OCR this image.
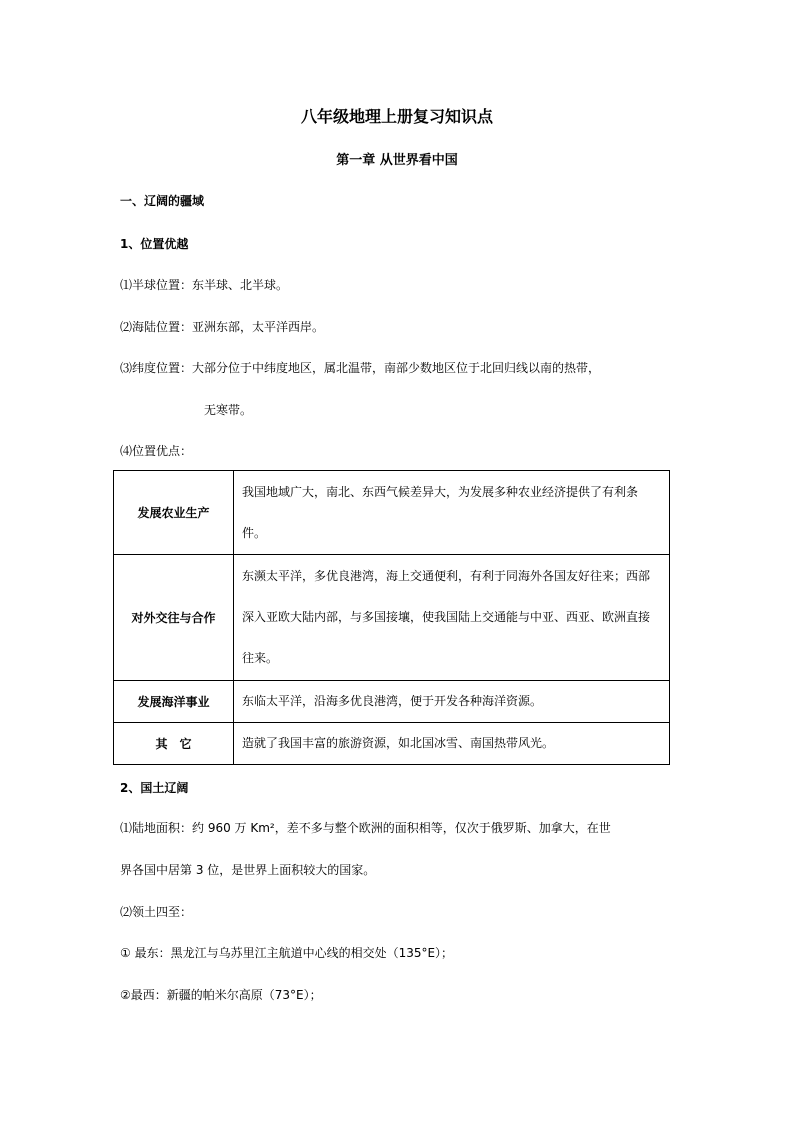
八年级地理上册复习知识点
第一章 从世界看中国
一、辽阔的疆域
1、位置优越
⑴半球位置：东半球、北半球。
⑵海陆位置：亚洲东部，太平洋西岸。
⑶纬度位置：大部分位于中纬度地区，属北温带，南部少数地区位于北回归线以南的热带，
无寒带。
⑷位置优点：
发展农业生产	我国地域广大，南北、东西气候差异大，为发展多种农业经济提供了有利条件。
对外交往与合作	东濒太平洋，多优良港湾，海上交通便利，有利于同海外各国友好往来；西部深入亚欧大陆内部，与多国接壤，使我国陆上交通能与中亚、西亚、欧洲直接往来。
发展海洋事业	东临太平洋，沿海多优良港湾，便于开发各种海洋资源。
其　它	造就了我国丰富的旅游资源，如北国冰雪、南国热带风光。
2、国土辽阔
⑴陆地面积：约 960 万 Km²，差不多与整个欧洲的面积相等，仅次于俄罗斯、加拿大，在世
界各国中居第 3 位，是世界上面积较大的国家。
⑵领土四至：
① 最东：黑龙江与乌苏里江主航道中心线的相交处（135°E）；
②最西：新疆的帕米尔高原（73°E）；
